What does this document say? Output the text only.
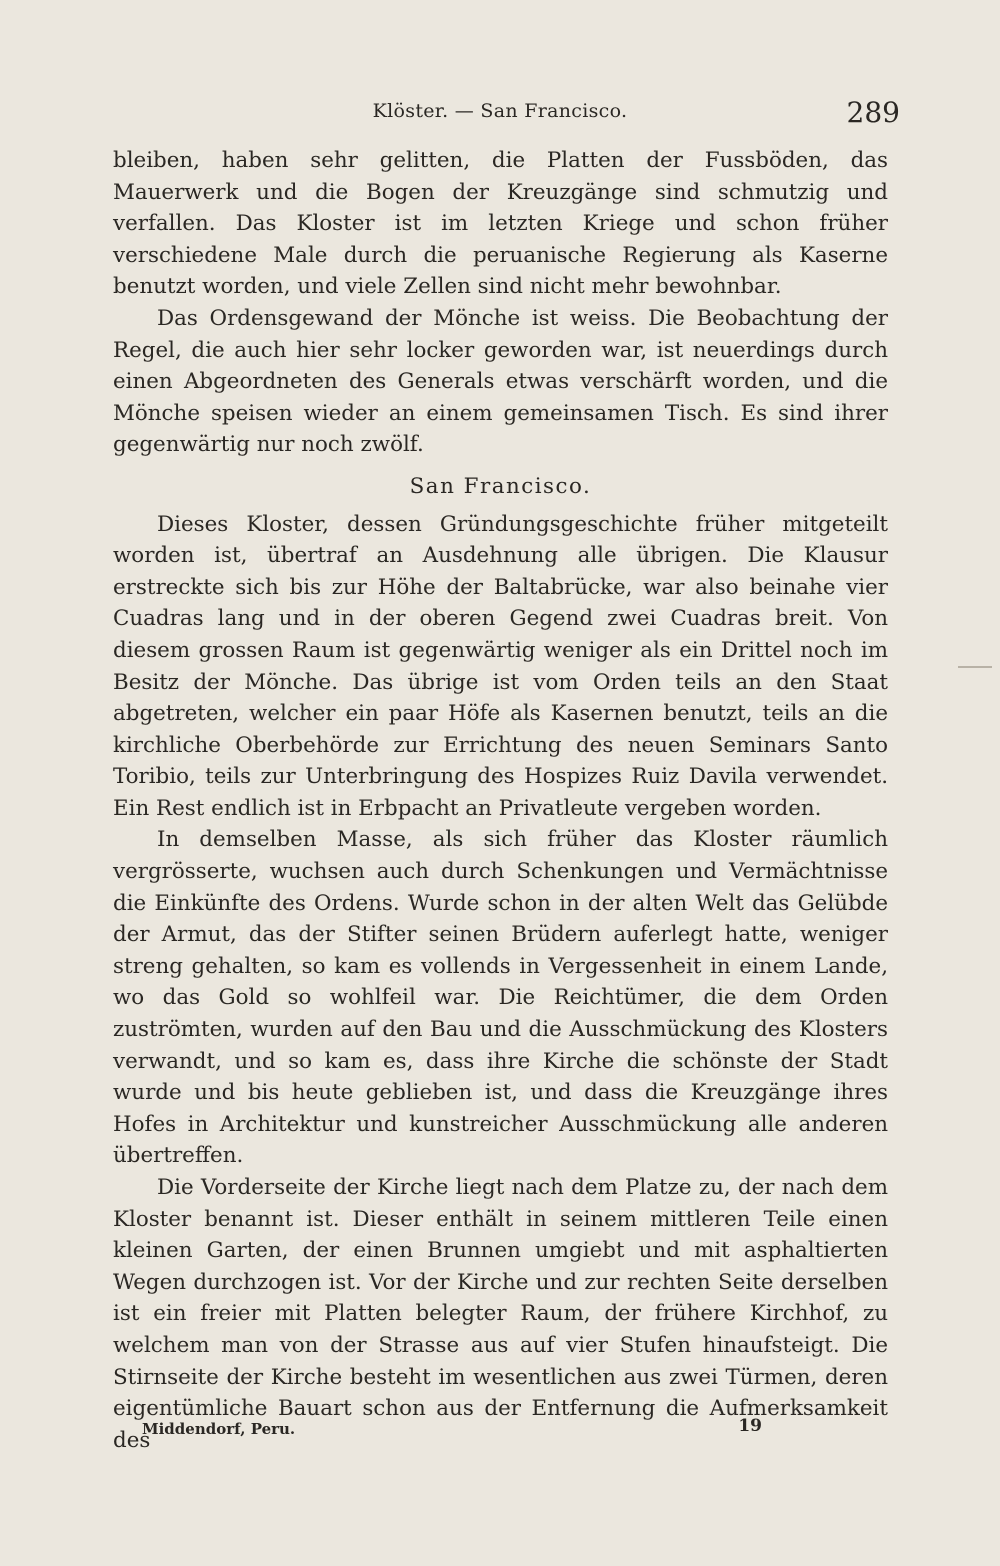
Klöster. — San Francisco.	289

bleiben, haben sehr gelitten, die Platten der Fussböden, das Mauerwerk und die Bogen der Kreuzgänge sind schmutzig und verfallen. Das Kloster ist im letzten Kriege und schon früher verschiedene Male durch die peruanische Regierung als Kaserne benutzt worden, und viele Zellen sind nicht mehr bewohnbar.

Das Ordensgewand der Mönche ist weiss. Die Beobachtung der Regel, die auch hier sehr locker geworden war, ist neuerdings durch einen Abgeordneten des Generals etwas verschärft worden, und die Mönche speisen wieder an einem gemeinsamen Tisch. Es sind ihrer gegenwärtig nur noch zwölf.

San Francisco.

Dieses Kloster, dessen Gründungsgeschichte früher mitgeteilt worden ist, übertraf an Ausdehnung alle übrigen. Die Klausur erstreckte sich bis zur Höhe der Baltabrücke, war also beinahe vier Cuadras lang und in der oberen Gegend zwei Cuadras breit. Von diesem grossen Raum ist gegenwärtig weniger als ein Drittel noch im Besitz der Mönche. Das übrige ist vom Orden teils an den Staat abgetreten, welcher ein paar Höfe als Kasernen benutzt, teils an die kirchliche Oberbehörde zur Errichtung des neuen Seminars Santo Toribio, teils zur Unterbringung des Hospizes Ruiz Davila verwendet. Ein Rest endlich ist in Erbpacht an Privatleute vergeben worden.

In demselben Masse, als sich früher das Kloster räumlich vergrösserte, wuchsen auch durch Schenkungen und Vermächtnisse die Einkünfte des Ordens. Wurde schon in der alten Welt das Gelübde der Armut, das der Stifter seinen Brüdern auferlegt hatte, weniger streng gehalten, so kam es vollends in Vergessenheit in einem Lande, wo das Gold so wohlfeil war. Die Reichtümer, die dem Orden zuströmten, wurden auf den Bau und die Ausschmückung des Klosters verwandt, und so kam es, dass ihre Kirche die schönste der Stadt wurde und bis heute geblieben ist, und dass die Kreuzgänge ihres Hofes in Architektur und kunstreicher Ausschmückung alle anderen übertreffen.

Die Vorderseite der Kirche liegt nach dem Platze zu, der nach dem Kloster benannt ist. Dieser enthält in seinem mittleren Teile einen kleinen Garten, der einen Brunnen umgiebt und mit asphaltierten Wegen durchzogen ist. Vor der Kirche und zur rechten Seite derselben ist ein freier mit Platten belegter Raum, der frühere Kirchhof, zu welchem man von der Strasse aus auf vier Stufen hinaufsteigt. Die Stirnseite der Kirche besteht im wesentlichen aus zwei Türmen, deren eigentümliche Bauart schon aus der Entfernung die Aufmerksamkeit des

Middendorf, Peru.	19
